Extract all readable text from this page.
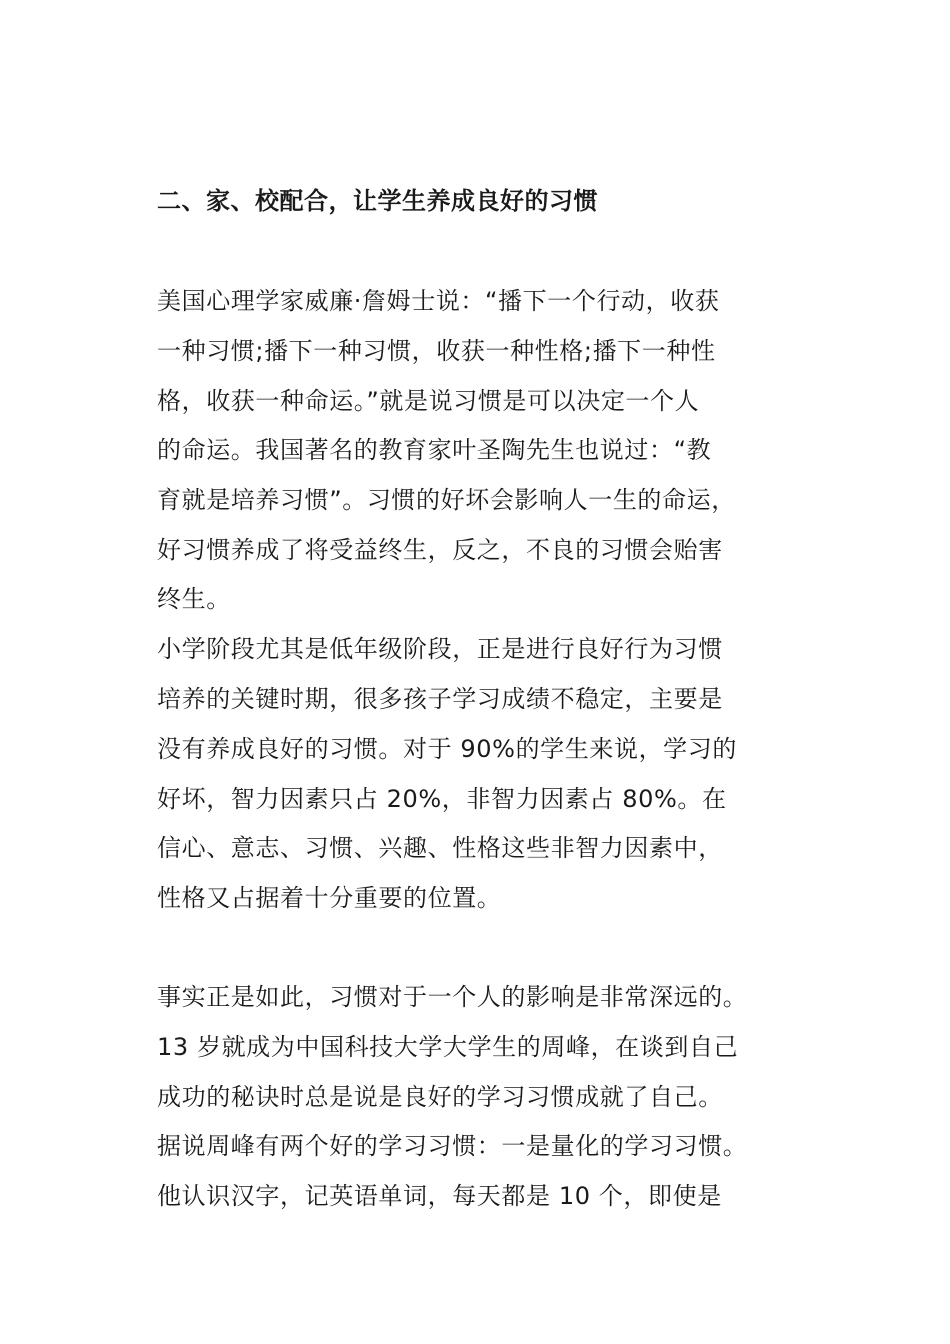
二、家、校配合，让学生养成良好的习惯
美国心理学家威廉·詹姆士说：“播下一个行动，收获
一种习惯;播下一种习惯，收获一种性格;播下一种性
格，收获一种命运。”就是说习惯是可以决定一个人
的命运。我国著名的教育家叶圣陶先生也说过：“教
育就是培养习惯”。习惯的好坏会影响人一生的命运，
好习惯养成了将受益终生，反之，不良的习惯会贻害
终生。
小学阶段尤其是低年级阶段，正是进行良好行为习惯
培养的关键时期，很多孩子学习成绩不稳定，主要是
没有养成良好的习惯。对于 90%的学生来说，学习的
好坏，智力因素只占 20%，非智力因素占 80%。在
信心、意志、习惯、兴趣、性格这些非智力因素中，
性格又占据着十分重要的位置。
事实正是如此，习惯对于一个人的影响是非常深远的。
13 岁就成为中国科技大学大学生的周峰，在谈到自己
成功的秘诀时总是说是良好的学习习惯成就了自己。
据说周峰有两个好的学习习惯：一是量化的学习习惯。
他认识汉字，记英语单词，每天都是 10 个，即使是
